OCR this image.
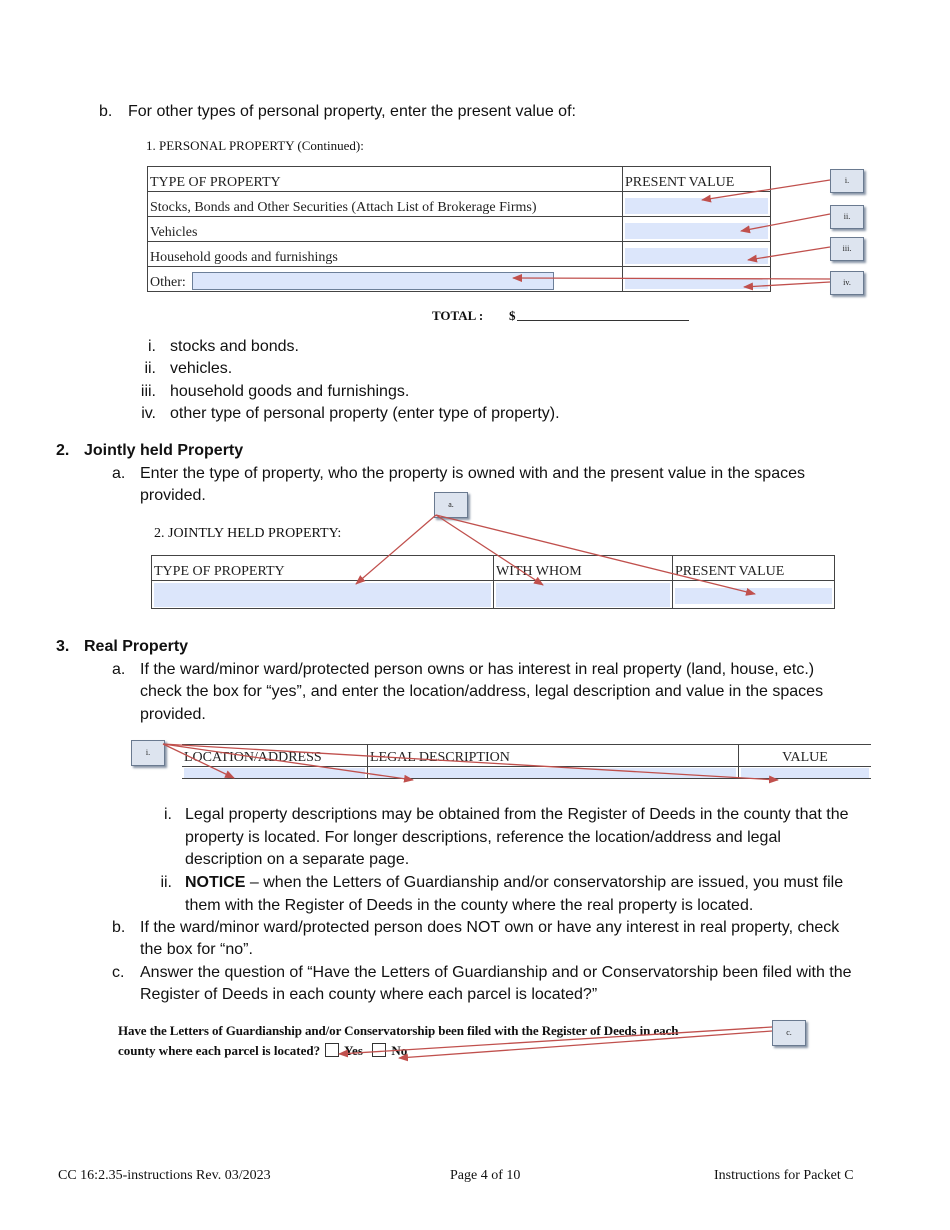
b. For other types of personal property, enter the present value of:
1. PERSONAL PROPERTY (Continued):
TYPE OF PROPERTY	PRESENT VALUE
Stocks, Bonds and Other Securities (Attach List of Brokerage Firms)	

Vehicles	

Household goods and furnishings	

Other:	
TOTAL : $
i.
ii.
iii.
iv.
i. stocks and bonds.
ii. vehicles.
iii. household goods and furnishings.
iv. other type of personal property (enter type of property).
2. Jointly held Property
a. Enter the type of property, who the property is owned with and the present value in the spaces
provided.
a.
2. JOINTLY HELD PROPERTY:
TYPE OF PROPERTY	WITH WHOM	PRESENT VALUE

3. Real Property
a. If the ward/minor ward/protected person owns or has interest in real property (land, house, etc.)
check the box for “yes”, and enter the location/address, legal description and value in the spaces
provided.
i.	LOCATION/ADDRESS	LEGAL DESCRIPTION	VALUE

i. Legal property descriptions may be obtained from the Register of Deeds in the county that the
property is located. For longer descriptions, reference the location/address and legal
description on a separate page.
ii. NOTICE – when the Letters of Guardianship and/or conservatorship are issued, you must file
them with the Register of Deeds in the county where the real property is located.
b. If the ward/minor ward/protected person does NOT own or have any interest in real property, check
the box for “no”.
c. Answer the question of “Have the Letters of Guardianship and or Conservatorship been filed with the
Register of Deeds in each county where each parcel is located?”
Have the Letters of Guardianship and/or Conservatorship been filed with the Register of Deeds in each
county where each parcel is located? Yes No
c.
CC 16:2.35-instructions Rev. 03/2023	Page 4 of 10	Instructions for Packet C
